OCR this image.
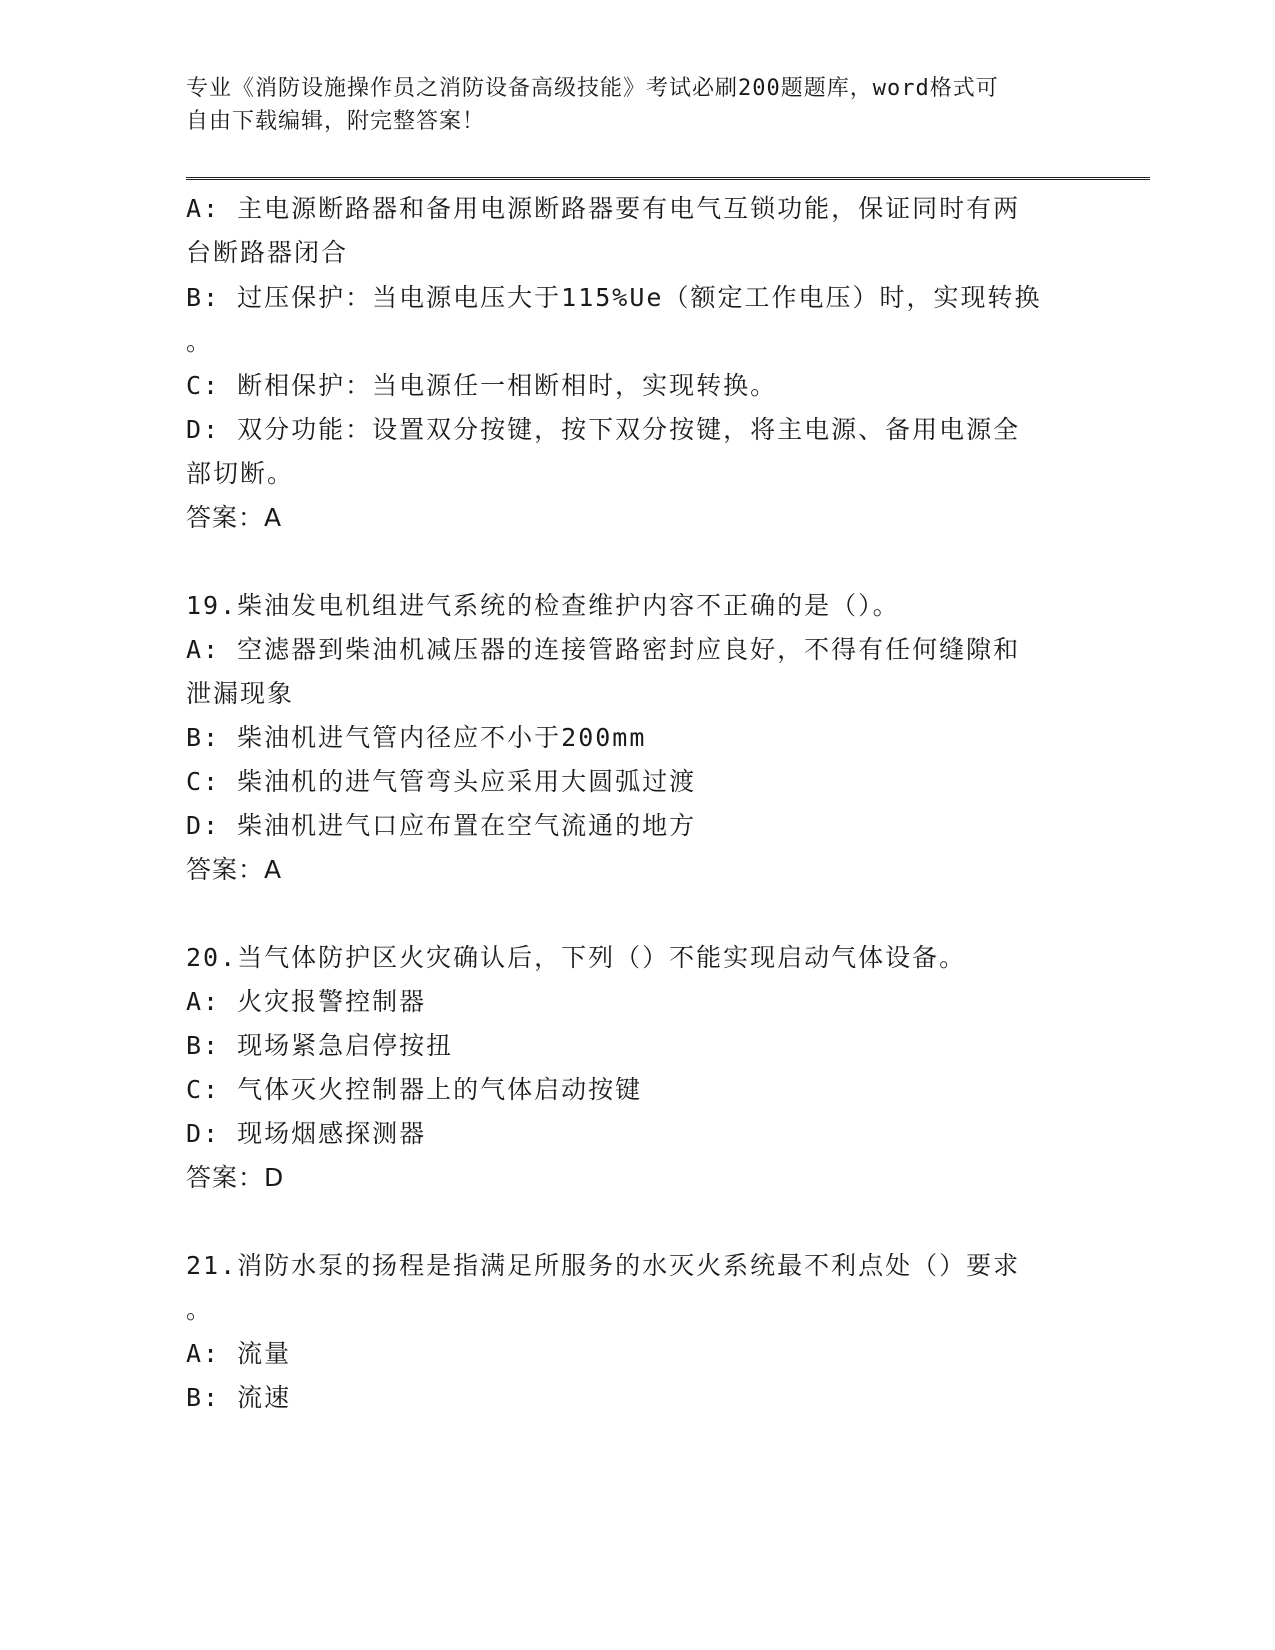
专业《消防设施操作员之消防设备高级技能》考试必刷200题题库，word格式可
自由下载编辑，附完整答案！
A: 主电源断路器和备用电源断路器要有电气互锁功能，保证同时有两
台断路器闭合
B: 过压保护：当电源电压大于115%Ue（额定工作电压）时，实现转换
。
C: 断相保护：当电源任一相断相时，实现转换。
D: 双分功能：设置双分按键，按下双分按键，将主电源、备用电源全
部切断。
答案：A
19.柴油发电机组进气系统的检查维护内容不正确的是（）。
A: 空滤器到柴油机减压器的连接管路密封应良好，不得有任何缝隙和
泄漏现象
B: 柴油机进气管内径应不小于200mm
C: 柴油机的进气管弯头应采用大圆弧过渡
D: 柴油机进气口应布置在空气流通的地方
答案：A
20.当气体防护区火灾确认后，下列（）不能实现启动气体设备。
A: 火灾报警控制器
B: 现场紧急启停按扭
C: 气体灭火控制器上的气体启动按键
D: 现场烟感探测器
答案：D
21.消防水泵的扬程是指满足所服务的水灭火系统最不利点处（）要求
。
A: 流量
B: 流速
